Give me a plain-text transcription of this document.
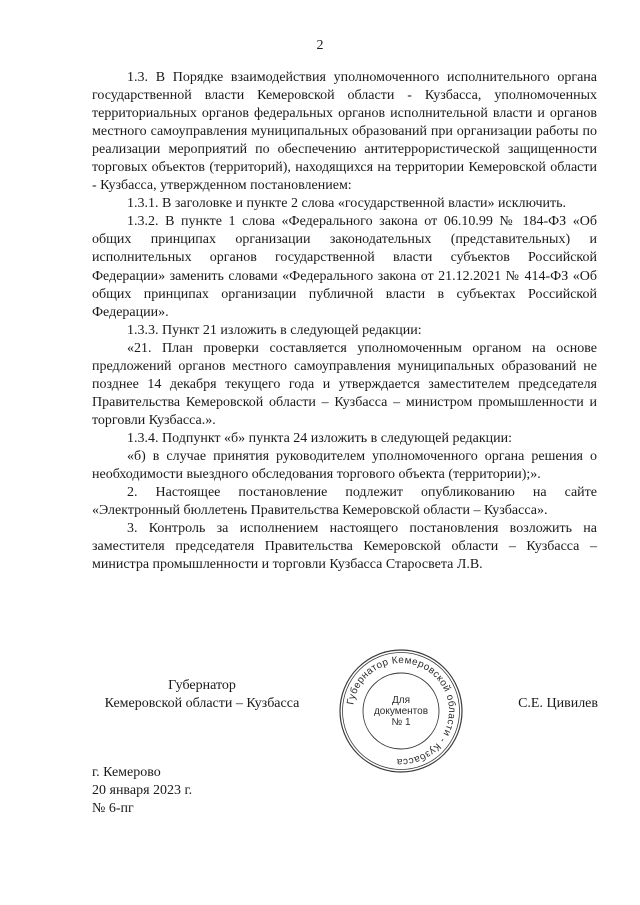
2

1.3. В Порядке взаимодействия уполномоченного исполнительного органа государственной власти Кемеровской области - Кузбасса, уполномоченных территориальных органов федеральных органов исполнительной власти и органов местного самоуправления муниципальных образований при организации работы по реализации мероприятий по обеспечению антитеррористической защищенности торговых объектов (территорий), находящихся на территории Кемеровской области - Кузбасса, утвержденном постановлением:

1.3.1. В заголовке и пункте 2 слова «государственной власти» исключить.

1.3.2. В пункте 1 слова «Федерального закона от 06.10.99 № 184-ФЗ «Об общих принципах организации законодательных (представительных) и исполнительных органов государственной власти субъектов Российской Федерации» заменить словами «Федерального закона от 21.12.2021 № 414-ФЗ «Об общих принципах организации публичной власти в субъектах Российской Федерации».

1.3.3. Пункт 21 изложить в следующей редакции:

«21. План проверки составляется уполномоченным органом на основе предложений органов местного самоуправления муниципальных образований не позднее 14 декабря текущего года и утверждается заместителем председателя Правительства Кемеровской области – Кузбасса – министром промышленности и торговли Кузбасса.».

1.3.4. Подпункт «б» пункта 24 изложить в следующей редакции:

«б) в случае принятия руководителем уполномоченного органа решения о необходимости выездного обследования торгового объекта (территории);».

2. Настоящее постановление подлежит опубликованию на сайте «Электронный бюллетень Правительства Кемеровской области – Кузбасса».

3. Контроль за исполнением настоящего постановления возложить на заместителя председателя Правительства Кемеровской области – Кузбасса – министра промышленности и торговли Кузбасса Старосвета Л.В.

Губернатор
Кемеровской области – Кузбасса	С.Е. Цивилев
Губернатор Кемеровской области - Кузбасса
Для
документов
№ 1
г. Кемерово
20 января 2023 г.
№ 6-пг
